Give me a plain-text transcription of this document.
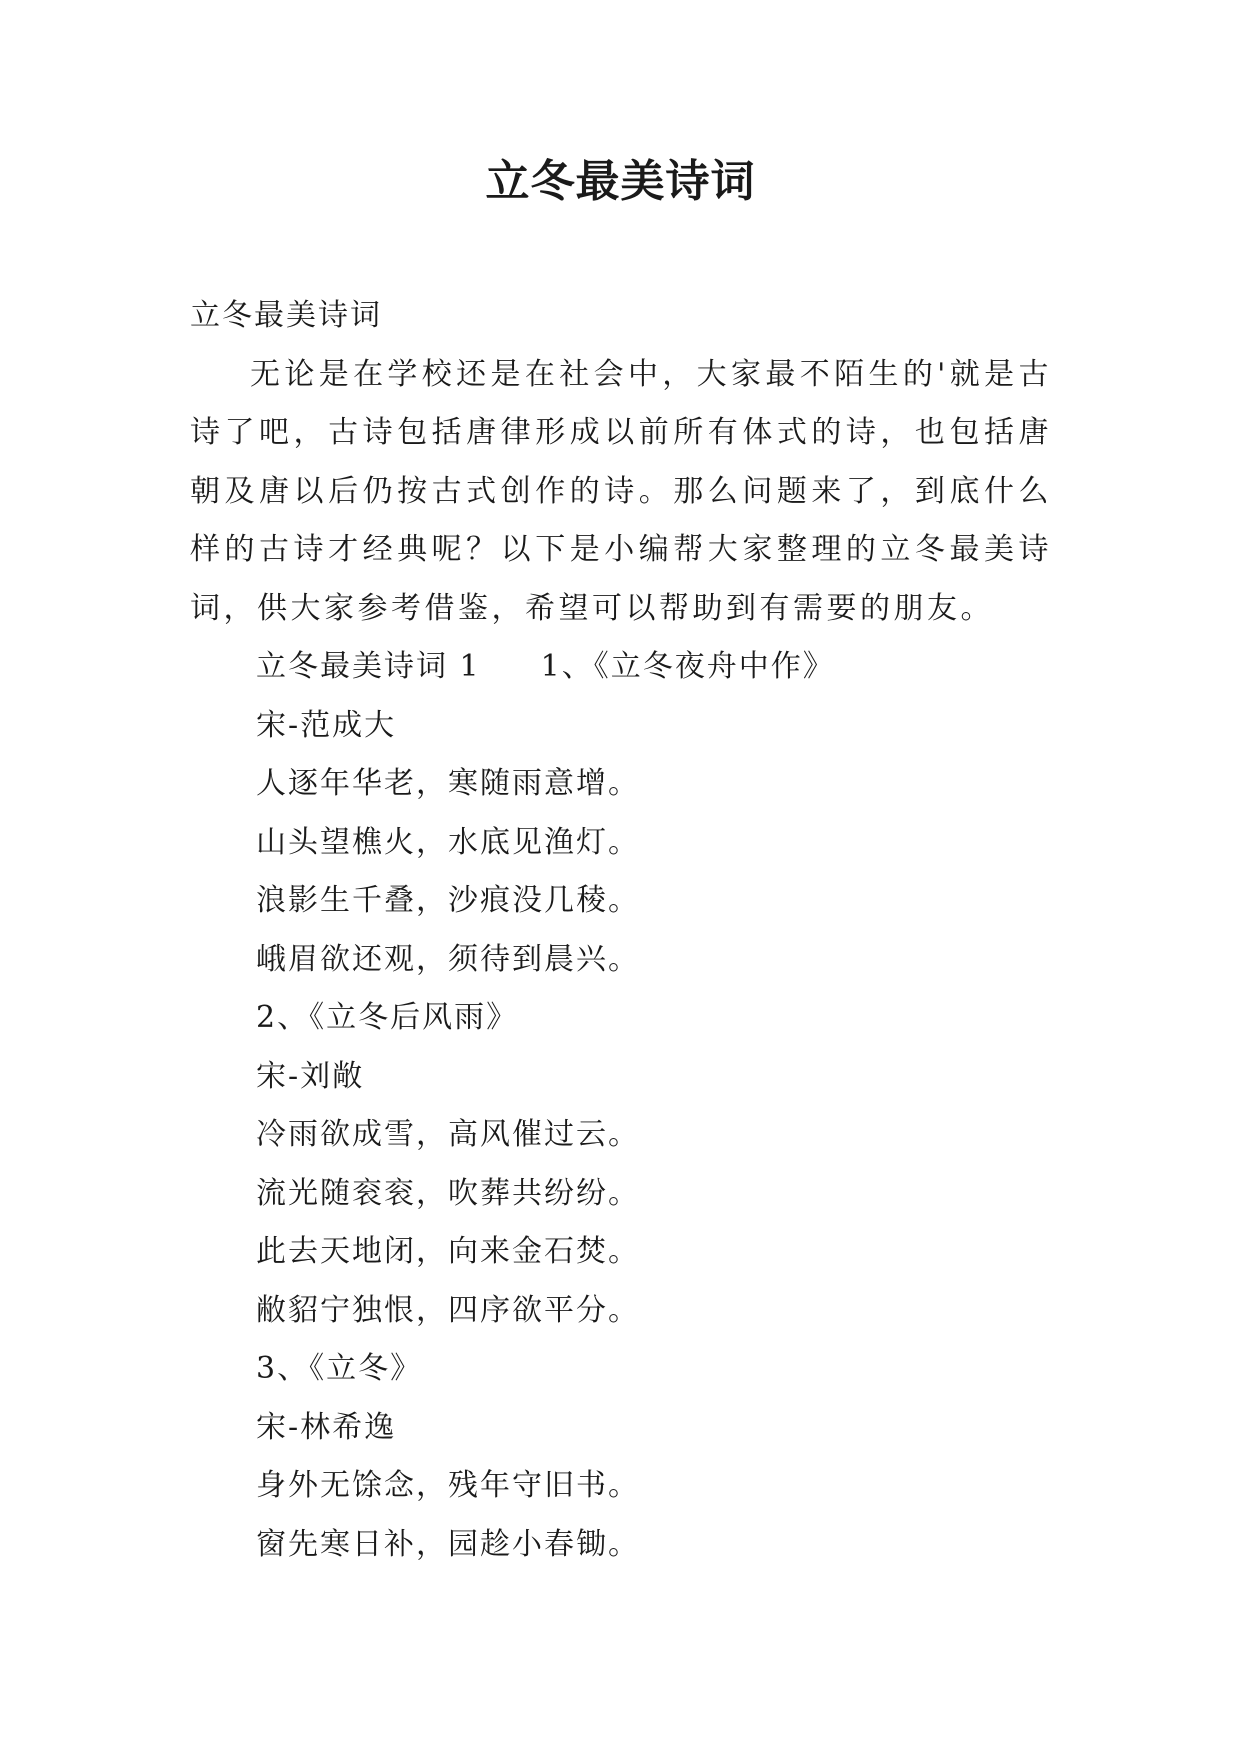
立冬最美诗词

立冬最美诗词

无论是在学校还是在社会中，大家最不陌生的'就是古诗了吧，古诗包括唐律形成以前所有体式的诗，也包括唐朝及唐以后仍按古式创作的诗。那么问题来了，到底什么样的古诗才经典呢？以下是小编帮大家整理的立冬最美诗词，供大家参考借鉴，希望可以帮助到有需要的朋友。

立冬最美诗词 1 1、《立冬夜舟中作》

宋-范成大

人逐年华老，寒随雨意增。

山头望樵火，水底见渔灯。

浪影生千叠，沙痕没几稜。

峨眉欲还观，须待到晨兴。

2、《立冬后风雨》

宋-刘敞

冷雨欲成雪，高风催过云。

流光随衮衮，吹葬共纷纷。

此去天地闭，向来金石焚。

敝貂宁独恨，四序欲平分。

3、《立冬》

宋-林希逸

身外无馀念，残年守旧书。

窗先寒日补，园趁小春锄。
